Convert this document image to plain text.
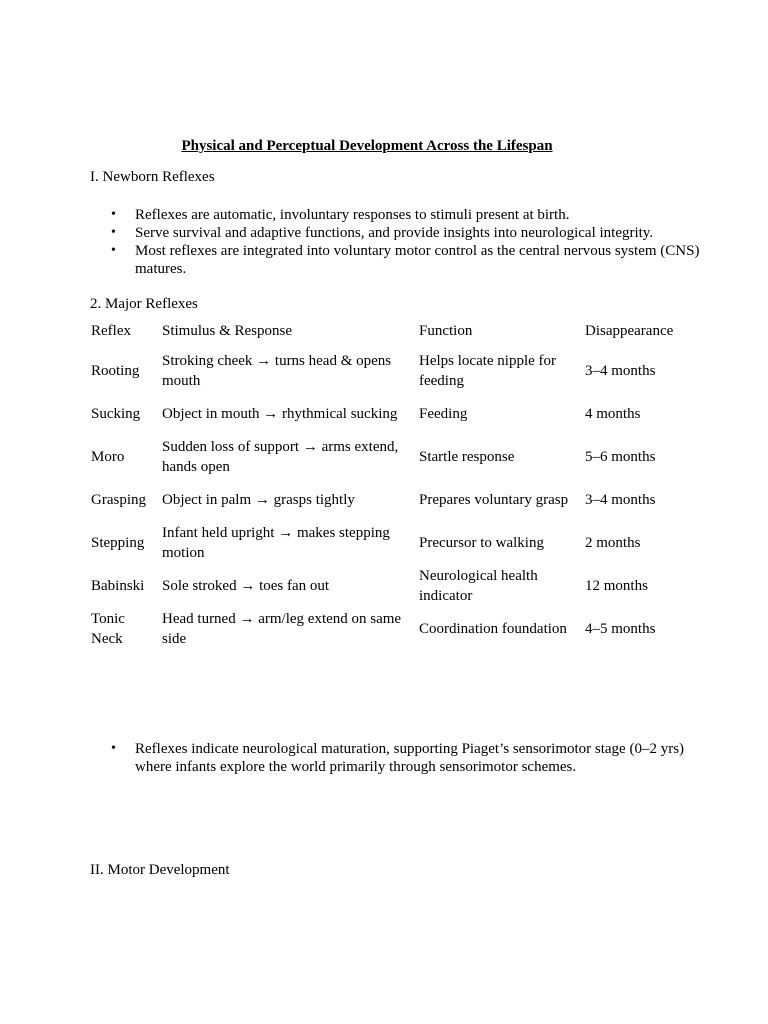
Physical and Perceptual Development Across the Lifespan
I. Newborn Reflexes
• Reflexes are automatic, involuntary responses to stimuli present at birth.
• Serve survival and adaptive functions, and provide insights into neurological integrity.
• Most reflexes are integrated into voluntary motor control as the central nervous system (CNS) matures.
2. Major Reflexes
Reflex	Stimulus & Response	Function	Disappearance
Rooting	Stroking cheek → turns head & opens mouth	Helps locate nipple for feeding	3–4 months
Sucking	Object in mouth → rhythmical sucking	Feeding	4 months
Moro	Sudden loss of support → arms extend, hands open	Startle response	5–6 months
Grasping	Object in palm → grasps tightly	Prepares voluntary grasp	3–4 months
Stepping	Infant held upright → makes stepping motion	Precursor to walking	2 months
Babinski	Sole stroked → toes fan out	Neurological health indicator	12 months
Tonic Neck	Head turned → arm/leg extend on same side	Coordination foundation	4–5 months
• Reflexes indicate neurological maturation, supporting Piaget’s sensorimotor stage (0–2 yrs) where infants explore the world primarily through sensorimotor schemes.
II. Motor Development
